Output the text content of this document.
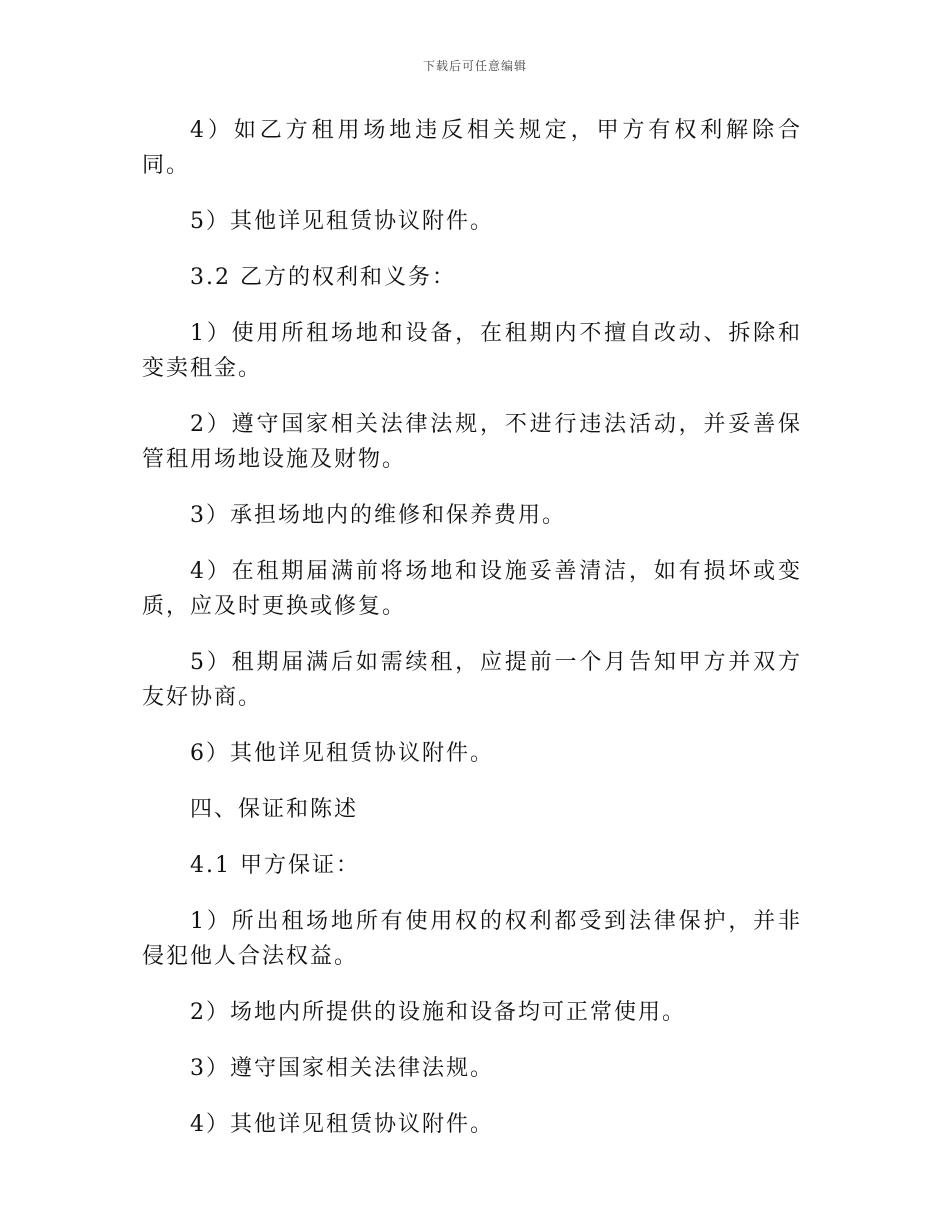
下载后可任意编辑

4）如乙方租用场地违反相关规定，甲方有权利解除合同。

5）其他详见租赁协议附件。

3.2 乙方的权利和义务：

1）使用所租场地和设备，在租期内不擅自改动、拆除和变卖租金。

2）遵守国家相关法律法规，不进行违法活动，并妥善保管租用场地设施及财物。

3）承担场地内的维修和保养费用。

4）在租期届满前将场地和设施妥善清洁，如有损坏或变质，应及时更换或修复。

5）租期届满后如需续租，应提前一个月告知甲方并双方友好协商。

6）其他详见租赁协议附件。

四、保证和陈述

4.1 甲方保证：

1）所出租场地所有使用权的权利都受到法律保护，并非侵犯他人合法权益。

2）场地内所提供的设施和设备均可正常使用。

3）遵守国家相关法律法规。

4）其他详见租赁协议附件。
